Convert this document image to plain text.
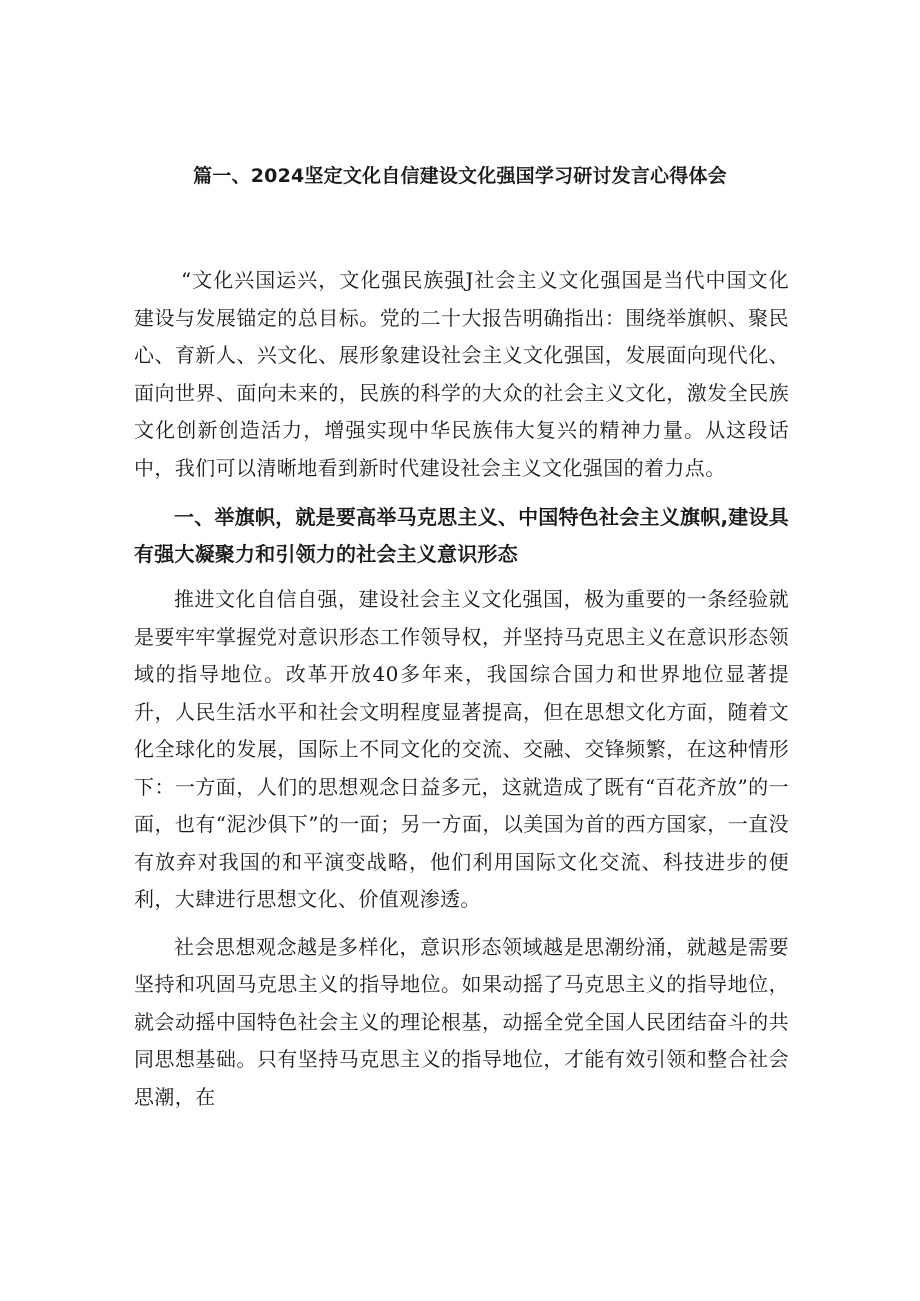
篇一、2024坚定文化自信建设文化强国学习研讨发言心得体会

“文化兴国运兴，文化强民族强J社会主义文化强国是当代中国文化建设与发展锚定的总目标。党的二十大报告明确指出：围绕举旗帜、聚民心、育新人、兴文化、展形象建设社会主义文化强国，发展面向现代化、面向世界、面向未来的，民族的科学的大众的社会主义文化，激发全民族文化创新创造活力，增强实现中华民族伟大复兴的精神力量。从这段话中，我们可以清晰地看到新时代建设社会主义文化强国的着力点。

一、举旗帜，就是要高举马克思主义、中国特色社会主义旗帜,建设具有强大凝聚力和引领力的社会主义意识形态

推进文化自信自强，建设社会主义文化强国，极为重要的一条经验就是要牢牢掌握党对意识形态工作领导权，并坚持马克思主义在意识形态领域的指导地位。改革开放40多年来，我国综合国力和世界地位显著提升，人民生活水平和社会文明程度显著提高，但在思想文化方面，随着文化全球化的发展，国际上不同文化的交流、交融、交锋频繁，在这种情形下：一方面，人们的思想观念日益多元，这就造成了既有“百花齐放”的一面，也有“泥沙俱下”的一面；另一方面，以美国为首的西方国家，一直没有放弃对我国的和平演变战略，他们利用国际文化交流、科技进步的便利，大肆进行思想文化、价值观渗透。

社会思想观念越是多样化，意识形态领域越是思潮纷涌，就越是需要坚持和巩固马克思主义的指导地位。如果动摇了马克思主义的指导地位，就会动摇中国特色社会主义的理论根基，动摇全党全国人民团结奋斗的共同思想基础。只有坚持马克思主义的指导地位，才能有效引领和整合社会思潮，在
